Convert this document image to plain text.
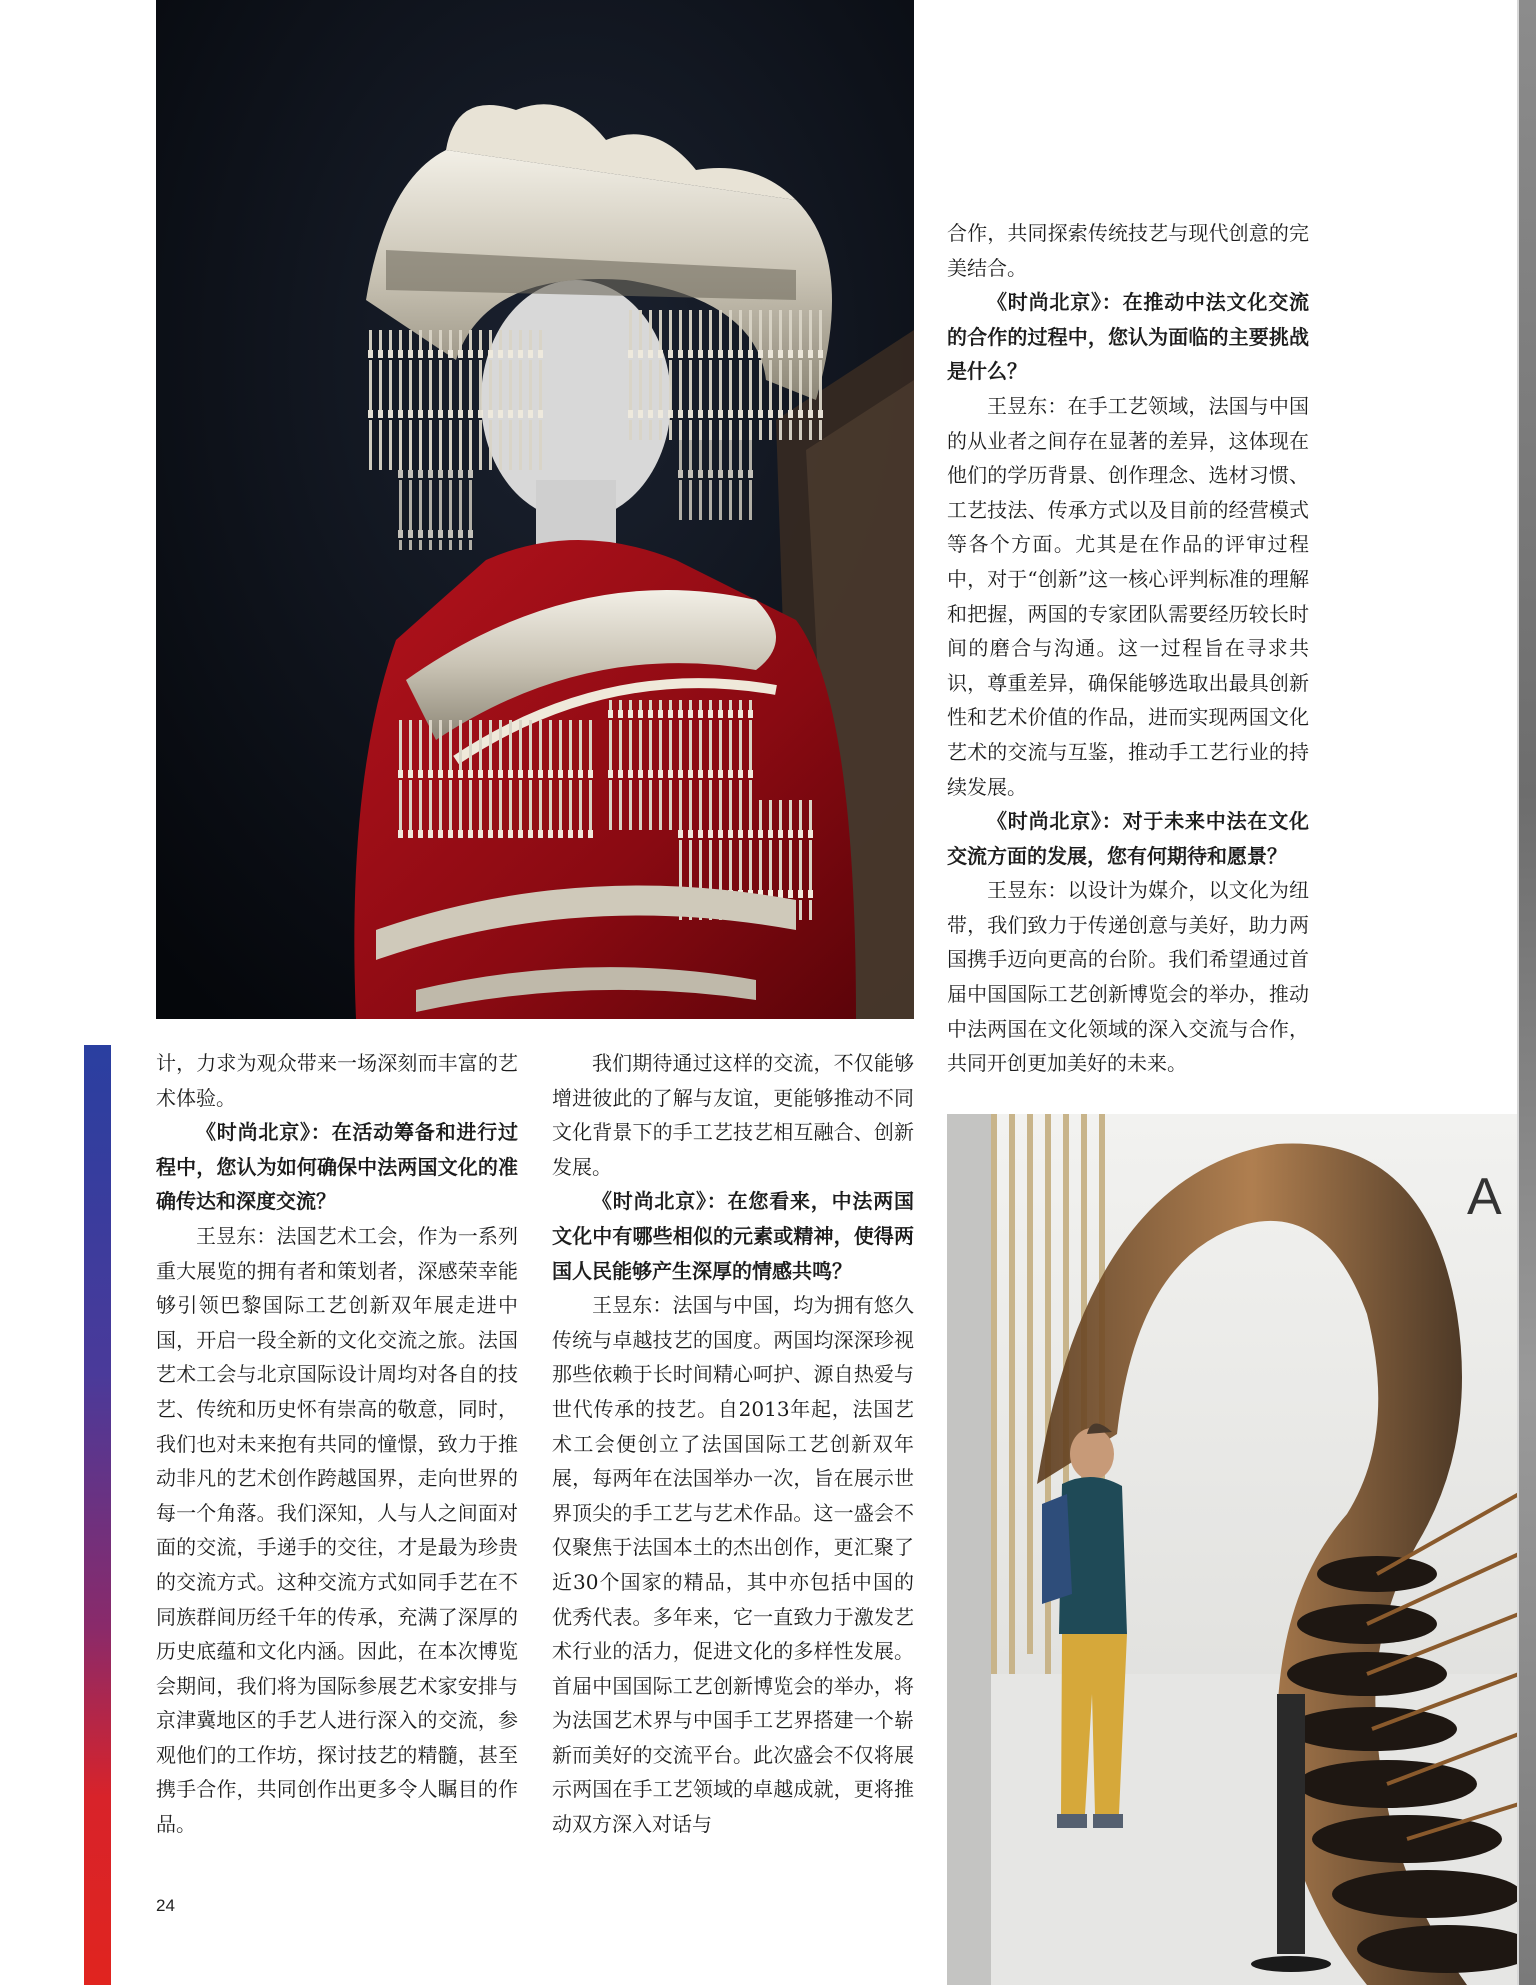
A

计，力求为观众带来一场深刻而丰富的艺术体验。

《时尚北京》：在活动筹备和进行过程中，您认为如何确保中法两国文化的准确传达和深度交流？

王昱东：法国艺术工会，作为一系列重大展览的拥有者和策划者，深感荣幸能够引领巴黎国际工艺创新双年展走进中国，开启一段全新的文化交流之旅。法国艺术工会与北京国际设计周均对各自的技艺、传统和历史怀有崇高的敬意，同时，我们也对未来抱有共同的憧憬，致力于推动非凡的艺术创作跨越国界，走向世界的每一个角落。我们深知，人与人之间面对面的交流，手递手的交往，才是最为珍贵的交流方式。这种交流方式如同手艺在不同族群间历经千年的传承，充满了深厚的历史底蕴和文化内涵。因此，在本次博览会期间，我们将为国际参展艺术家安排与京津冀地区的手艺人进行深入的交流，参观他们的工作坊，探讨技艺的精髓，甚至携手合作，共同创作出更多令人瞩目的作品。

我们期待通过这样的交流，不仅能够增进彼此的了解与友谊，更能够推动不同文化背景下的手工艺技艺相互融合、创新发展。

《时尚北京》：在您看来，中法两国文化中有哪些相似的元素或精神，使得两国人民能够产生深厚的情感共鸣？

王昱东：法国与中国，均为拥有悠久传统与卓越技艺的国度。两国均深深珍视那些依赖于长时间精心呵护、源自热爱与世代传承的技艺。自2013年起，法国艺术工会便创立了法国国际工艺创新双年展，每两年在法国举办一次，旨在展示世界顶尖的手工艺与艺术作品。这一盛会不仅聚焦于法国本土的杰出创作，更汇聚了近30个国家的精品，其中亦包括中国的优秀代表。多年来，它一直致力于激发艺术行业的活力，促进文化的多样性发展。首届中国国际工艺创新博览会的举办，将为法国艺术界与中国手工艺界搭建一个崭新而美好的交流平台。此次盛会不仅将展示两国在手工艺领域的卓越成就，更将推动双方深入对话与

合作，共同探索传统技艺与现代创意的完美结合。

《时尚北京》：在推动中法文化交流的合作的过程中，您认为面临的主要挑战是什么？

王昱东：在手工艺领域，法国与中国的从业者之间存在显著的差异，这体现在他们的学历背景、创作理念、选材习惯、工艺技法、传承方式以及目前的经营模式等各个方面。尤其是在作品的评审过程中，对于“创新”这一核心评判标准的理解和把握，两国的专家团队需要经历较长时间的磨合与沟通。这一过程旨在寻求共识，尊重差异，确保能够选取出最具创新性和艺术价值的作品，进而实现两国文化艺术的交流与互鉴，推动手工艺行业的持续发展。

《时尚北京》：对于未来中法在文化交流方面的发展，您有何期待和愿景？

王昱东：以设计为媒介，以文化为纽带，我们致力于传递创意与美好，助力两国携手迈向更高的台阶。我们希望通过首届中国国际工艺创新博览会的举办，推动中法两国在文化领域的深入交流与合作，共同开创更加美好的未来。

24
